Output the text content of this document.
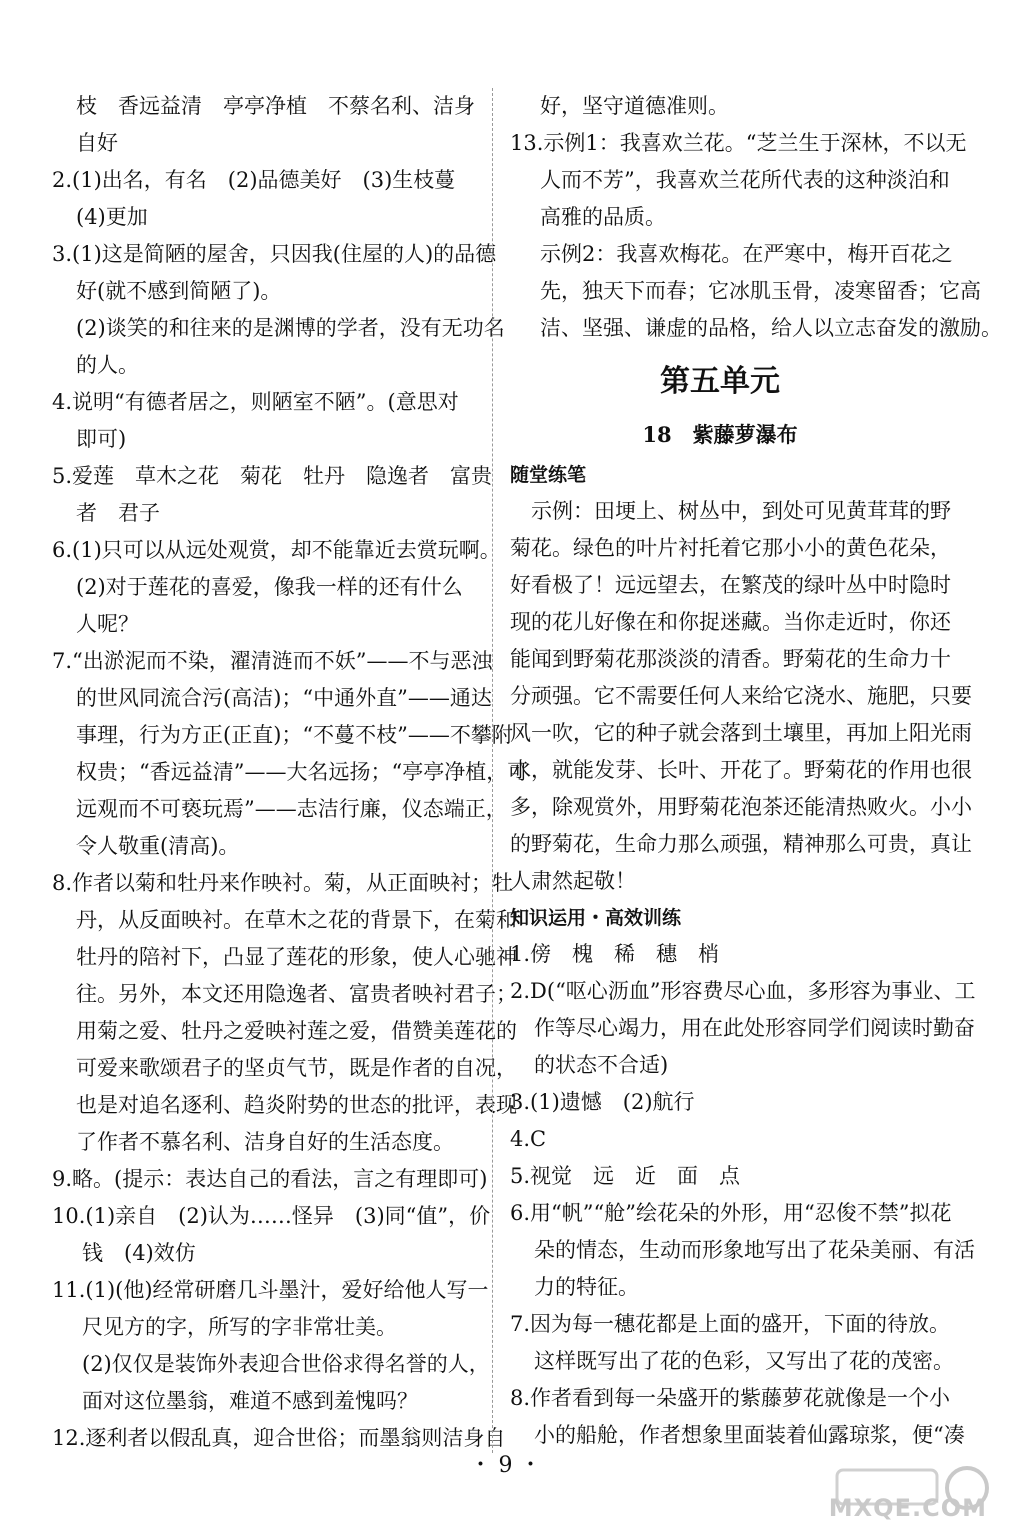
枝　香远益清　亭亭净植　不蔡名利、洁身
自好
2.(1)出名，有名　(2)品德美好　(3)生枝蔓
(4)更加
3.(1)这是简陋的屋舍，只因我(住屋的人)的品德
好(就不感到简陋了)。
(2)谈笑的和往来的是渊博的学者，没有无功名
的人。
4.说明“有德者居之，则陋室不陋”。(意思对
即可)
5.爱莲　草木之花　菊花　牡丹　隐逸者　富贵
者　君子
6.(1)只可以从远处观赏，却不能靠近去赏玩啊。
(2)对于莲花的喜爱，像我一样的还有什么
人呢？
7.“出淤泥而不染，濯清涟而不妖”——不与恶浊
的世风同流合污(高洁)；“中通外直”——通达
事理，行为方正(正直)；“不蔓不枝”——不攀附
权贵；“香远益清”——大名远扬；“亭亭净植，可
远观而不可亵玩焉”——志洁行廉，仪态端正，
令人敬重(清高)。
8.作者以菊和牡丹来作映衬。菊，从正面映衬；牡
丹，从反面映衬。在草木之花的背景下，在菊和
牡丹的陪衬下，凸显了莲花的形象，使人心驰神
往。另外，本文还用隐逸者、富贵者映衬君子；
用菊之爱、牡丹之爱映衬莲之爱，借赞美莲花的
可爱来歌颂君子的坚贞气节，既是作者的自况，
也是对追名逐利、趋炎附势的世态的批评，表现
了作者不慕名利、洁身自好的生活态度。
9.略。(提示：表达自己的看法，言之有理即可)
10.(1)亲自　(2)认为……怪异　(3)同“值”，价
钱　(4)效仿
11.(1)(他)经常研磨几斗墨汁，爱好给他人写一
尺见方的字，所写的字非常壮美。
(2)仅仅是装饰外表迎合世俗求得名誉的人，
面对这位墨翁，难道不感到羞愧吗？
12.逐利者以假乱真，迎合世俗；而墨翁则洁身自
好，坚守道德准则。
13.示例1：我喜欢兰花。“芝兰生于深林，不以无
人而不芳”，我喜欢兰花所代表的这种淡泊和
高雅的品质。
示例2：我喜欢梅花。在严寒中，梅开百花之
先，独天下而春；它冰肌玉骨，凌寒留香；它高
洁、坚强、谦虚的品格，给人以立志奋发的激励。
第五单元
18　紫藤萝瀑布
随堂练笔
　示例：田埂上、树丛中，到处可见黄茸茸的野
菊花。绿色的叶片衬托着它那小小的黄色花朵，
好看极了！远远望去，在繁茂的绿叶丛中时隐时
现的花儿好像在和你捉迷藏。当你走近时，你还
能闻到野菊花那淡淡的清香。野菊花的生命力十
分顽强。它不需要任何人来给它浇水、施肥，只要
风一吹，它的种子就会落到土壤里，再加上阳光雨
水，就能发芽、长叶、开花了。野菊花的作用也很
多，除观赏外，用野菊花泡茶还能清热败火。小小
的野菊花，生命力那么顽强，精神那么可贵，真让
人肃然起敬！
知识运用・高效训练
1.傍　槐　稀　穗　梢
2.D(“呕心沥血”形容费尽心血，多形容为事业、工
作等尽心竭力，用在此处形容同学们阅读时勤奋
的状态不合适)
3.(1)遗憾　(2)航行
4.C
5.视觉　远　近　面　点
6.用“帆”“舱”绘花朵的外形，用“忍俊不禁”拟花
朵的情态，生动而形象地写出了花朵美丽、有活
力的特征。
7.因为每一穗花都是上面的盛开，下面的待放。
这样既写出了花的色彩，又写出了花的茂密。
8.作者看到每一朵盛开的紫藤萝花就像是一个小
小的船舱，作者想象里面装着仙露琼浆，便“凑
・ 9 ・
MXQE.COM
